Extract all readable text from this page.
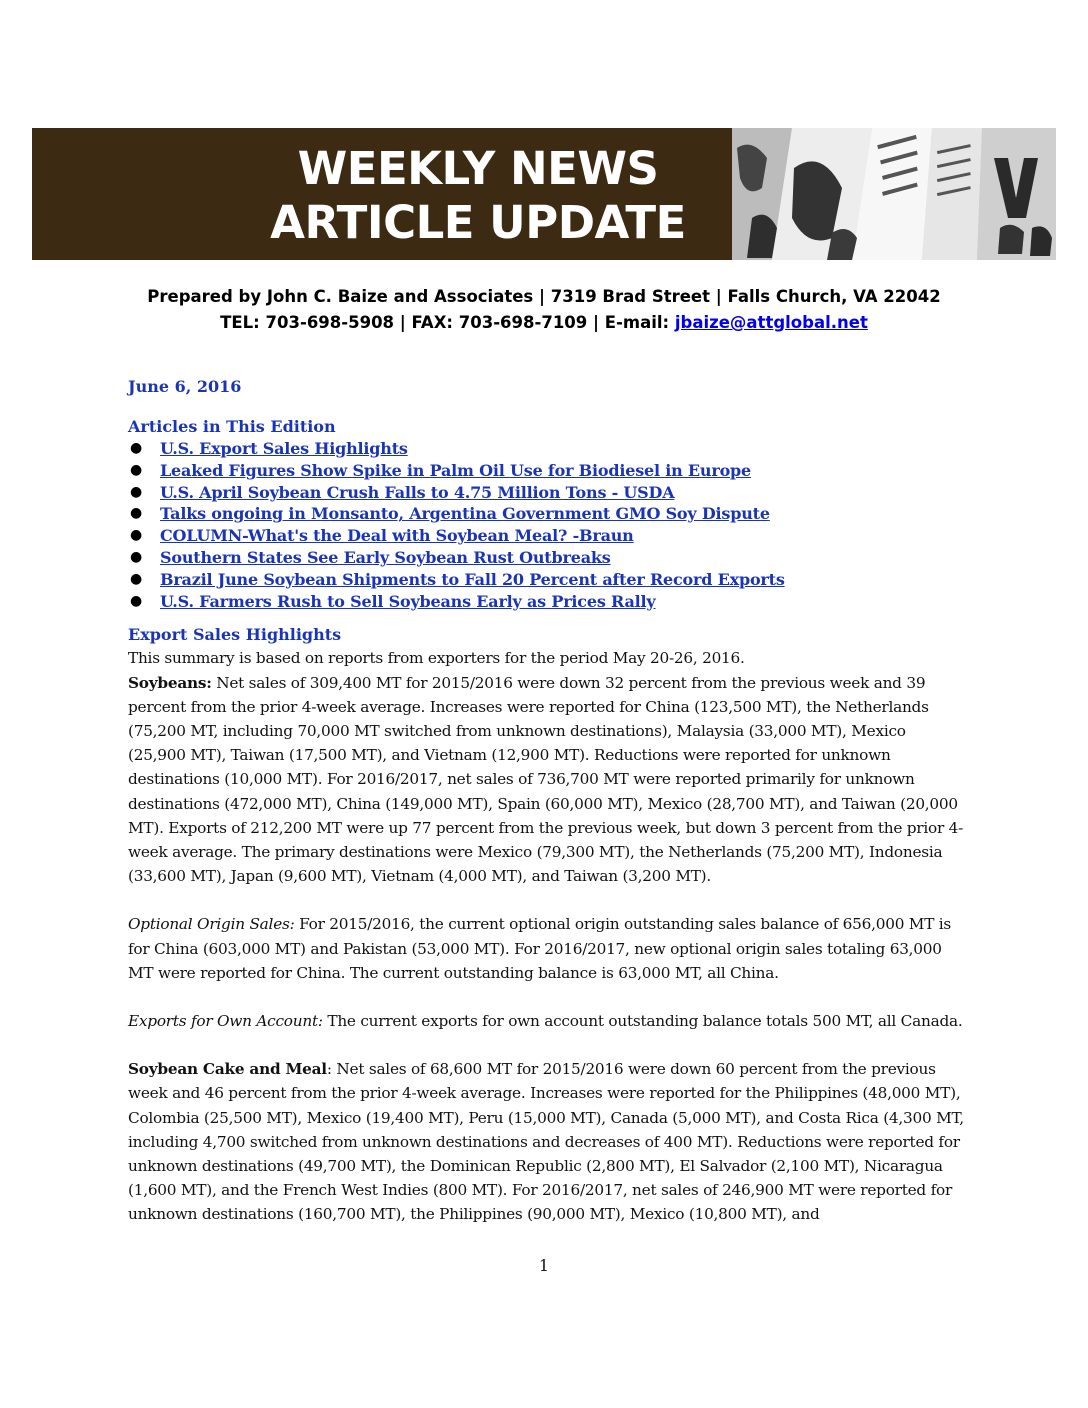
WEEKLY NEWS
ARTICLE UPDATE
Prepared by John C. Baize and Associates | 7319 Brad Street | Falls Church, VA 22042
TEL: 703-698-5908 | FAX: 703-698-7109 | E-mail: jbaize@attglobal.net
June 6, 2016
Articles in This Edition
● U.S. Export Sales Highlights
● Leaked Figures Show Spike in Palm Oil Use for Biodiesel in Europe
● U.S. April Soybean Crush Falls to 4.75 Million Tons - USDA
● Talks ongoing in Monsanto, Argentina Government GMO Soy Dispute
● COLUMN-What's the Deal with Soybean Meal? -Braun
● Southern States See Early Soybean Rust Outbreaks
● Brazil June Soybean Shipments to Fall 20 Percent after Record Exports
● U.S. Farmers Rush to Sell Soybeans Early as Prices Rally
Export Sales Highlights

This summary is based on reports from exporters for the period May 20-26, 2016.

Soybeans: Net sales of 309,400 MT for 2015/2016 were down 32 percent from the previous week and 39 percent from the prior 4-week average. Increases were reported for China (123,500 MT), the Netherlands (75,200 MT, including 70,000 MT switched from unknown destinations), Malaysia (33,000 MT), Mexico (25,900 MT), Taiwan (17,500 MT), and Vietnam (12,900 MT). Reductions were reported for unknown destinations (10,000 MT). For 2016/2017, net sales of 736,700 MT were reported primarily for unknown destinations (472,000 MT), China (149,000 MT), Spain (60,000 MT), Mexico (28,700 MT), and Taiwan (20,000 MT). Exports of 212,200 MT were up 77 percent from the previous week, but down 3 percent from the prior 4-week average. The primary destinations were Mexico (79,300 MT), the Netherlands (75,200 MT), Indonesia (33,600 MT), Japan (9,600 MT), Vietnam (4,000 MT), and Taiwan (3,200 MT).

Optional Origin Sales: For 2015/2016, the current optional origin outstanding sales balance of 656,000 MT is for China (603,000 MT) and Pakistan (53,000 MT). For 2016/2017, new optional origin sales totaling 63,000 MT were reported for China. The current outstanding balance is 63,000 MT, all China.

Exports for Own Account: The current exports for own account outstanding balance totals 500 MT, all Canada.

Soybean Cake and Meal: Net sales of 68,600 MT for 2015/2016 were down 60 percent from the previous week and 46 percent from the prior 4-week average. Increases were reported for the Philippines (48,000 MT), Colombia (25,500 MT), Mexico (19,400 MT), Peru (15,000 MT), Canada (5,000 MT), and Costa Rica (4,300 MT, including 4,700 switched from unknown destinations and decreases of 400 MT). Reductions were reported for unknown destinations (49,700 MT), the Dominican Republic (2,800 MT), El Salvador (2,100 MT), Nicaragua (1,600 MT), and the French West Indies (800 MT). For 2016/2017, net sales of 246,900 MT were reported for unknown destinations (160,700 MT), the Philippines (90,000 MT), Mexico (10,800 MT), and

1
